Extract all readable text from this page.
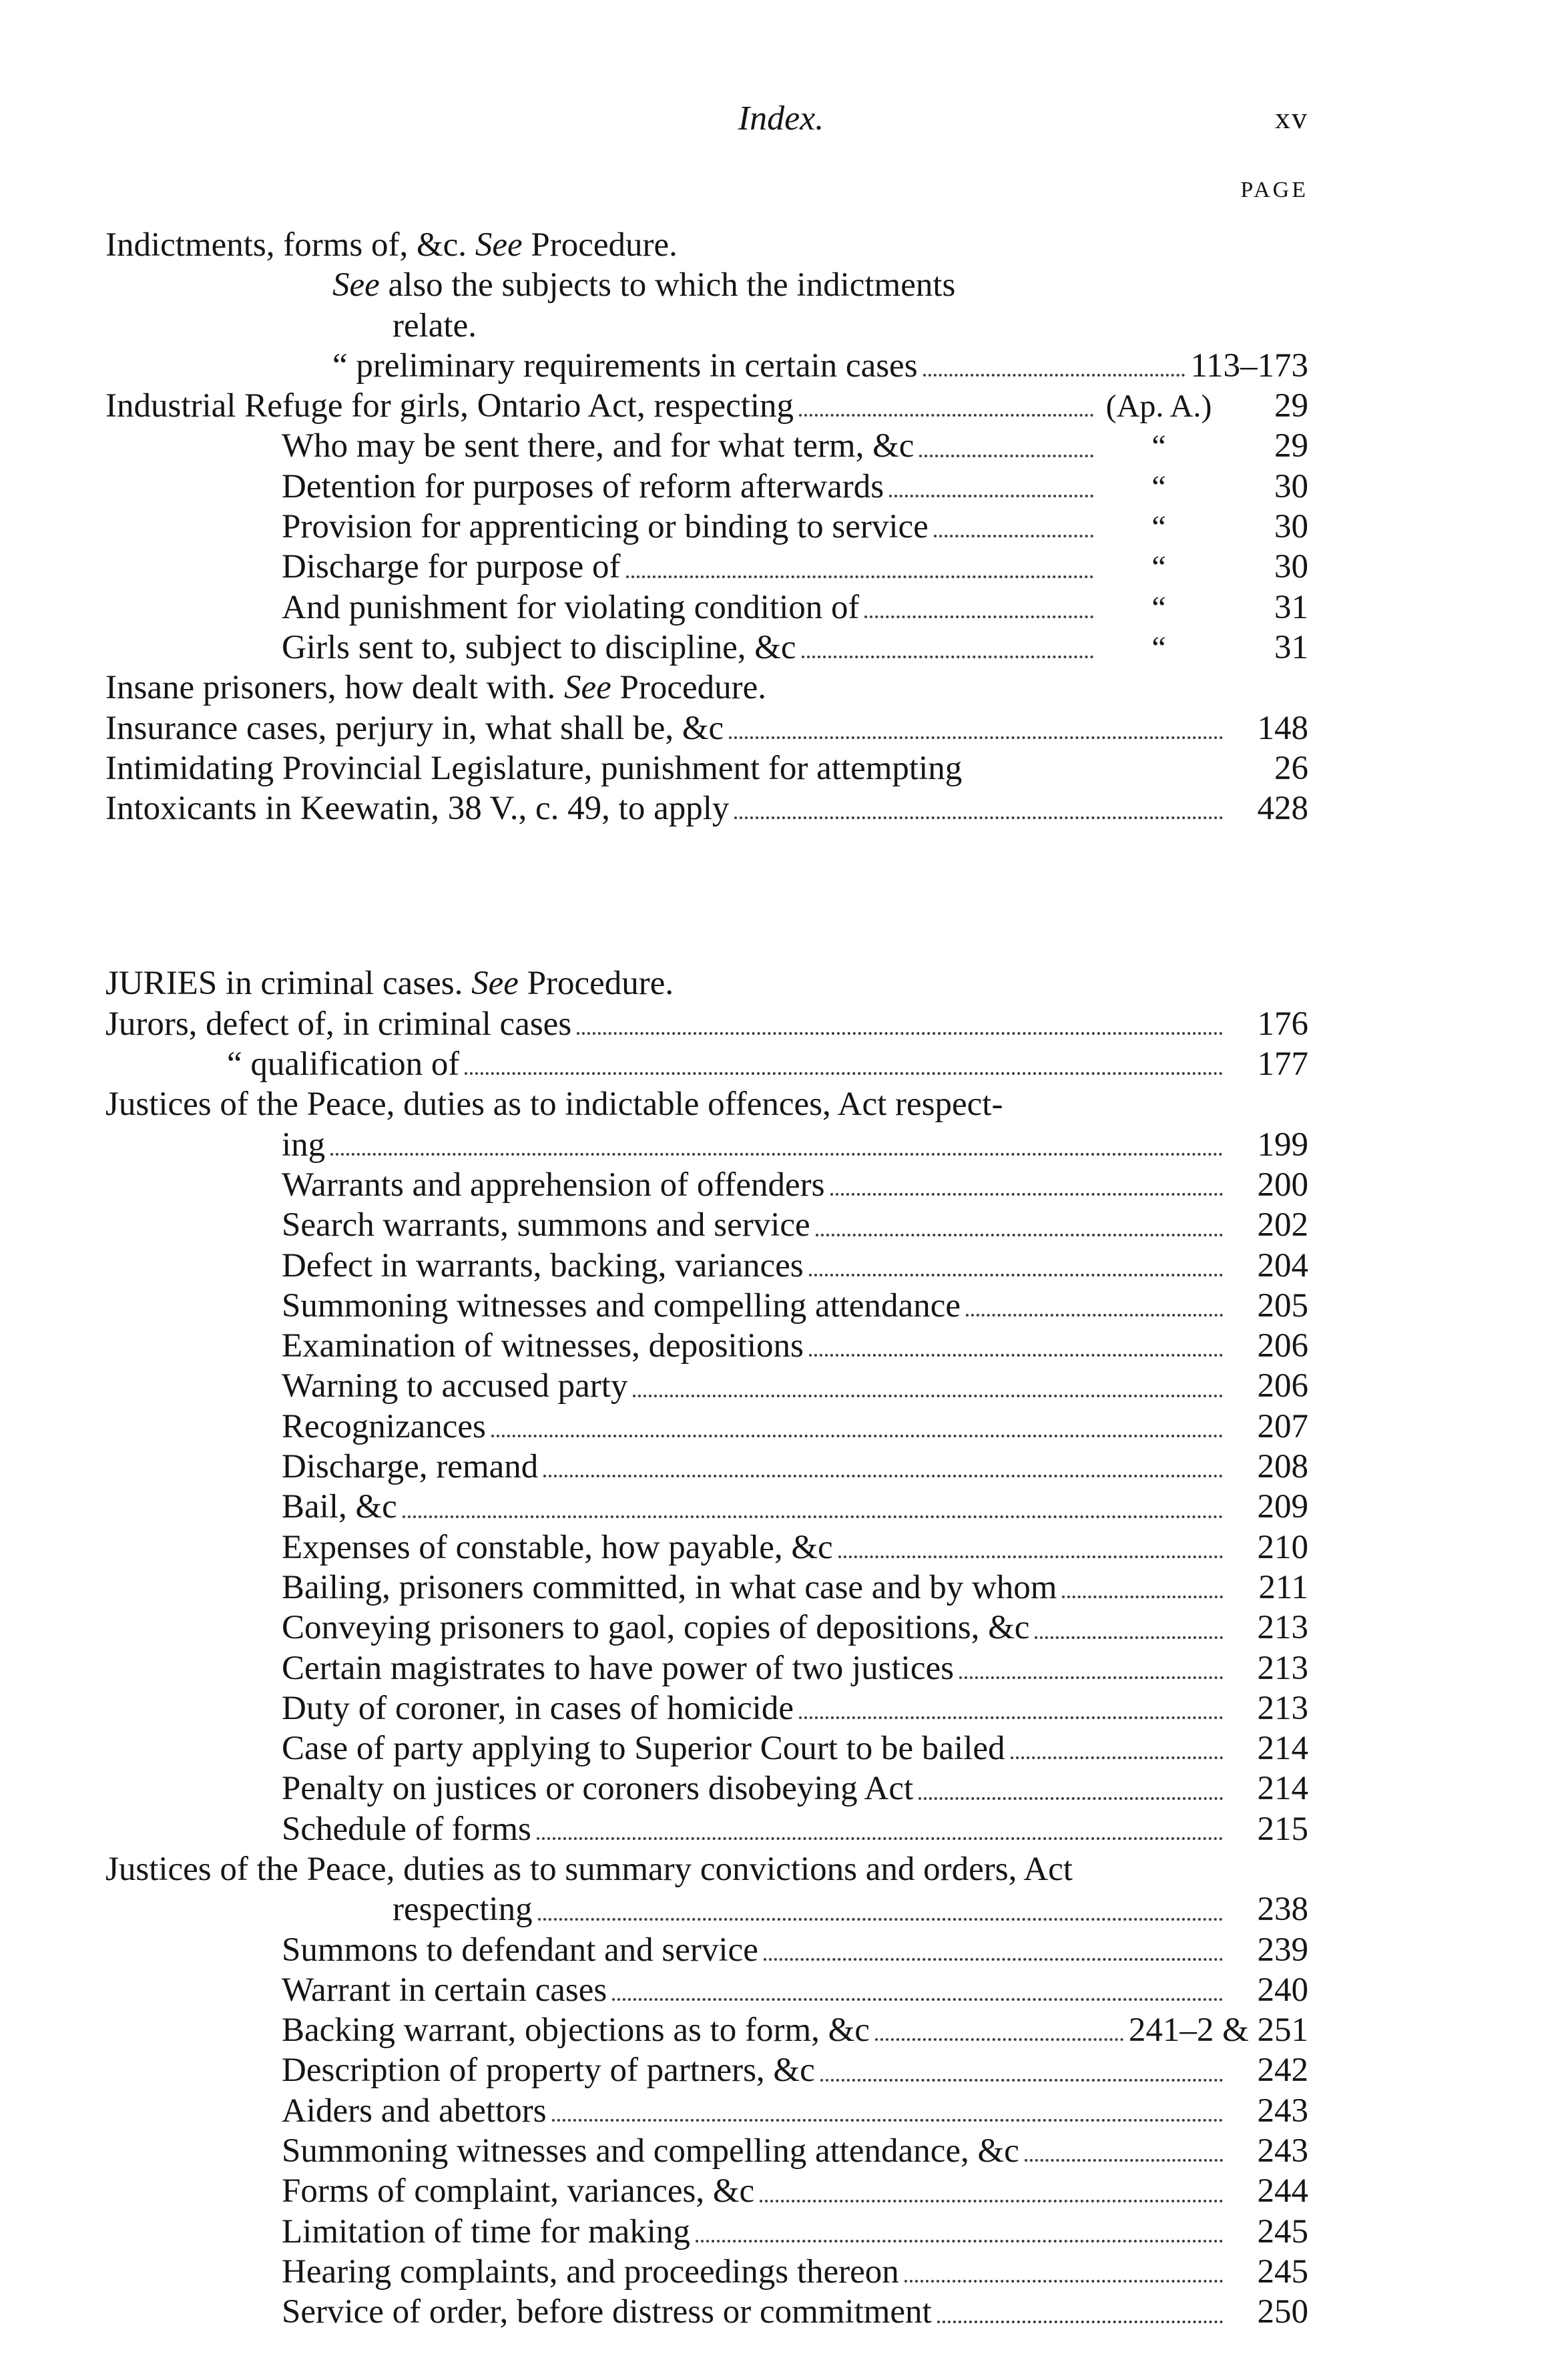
Index.	xv
PAGE
Indictments, forms of, &c. See Procedure.
See also the subjects to which the indictments
relate.
“ preliminary requirements in certain cases	113–173
Industrial Refuge for girls, Ontario Act, respecting	(Ap. A.)	29
Who may be sent there, and for what term, &c	“	29
Detention for purposes of reform afterwards	“	30
Provision for apprenticing or binding to service	“	30
Discharge for purpose of	“	30
And punishment for violating condition of	“	31
Girls sent to, subject to discipline, &c	“	31
Insane prisoners, how dealt with. See Procedure.
Insurance cases, perjury in, what shall be, &c	148
Intimidating Provincial Legislature, punishment for attempting	26
Intoxicants in Keewatin, 38 V., c. 49, to apply	428
JURIES in criminal cases. See Procedure.
Jurors, defect of, in criminal cases	176
“ qualification of	177
Justices of the Peace, duties as to indictable offences, Act respect-
ing	199
Warrants and apprehension of offenders	200
Search warrants, summons and service	202
Defect in warrants, backing, variances	204
Summoning witnesses and compelling attendance	205
Examination of witnesses, depositions	206
Warning to accused party	206
Recognizances	207
Discharge, remand	208
Bail, &c	209
Expenses of constable, how payable, &c	210
Bailing, prisoners committed, in what case and by whom	211
Conveying prisoners to gaol, copies of depositions, &c	213
Certain magistrates to have power of two justices	213
Duty of coroner, in cases of homicide	213
Case of party applying to Superior Court to be bailed	214
Penalty on justices or coroners disobeying Act	214
Schedule of forms	215
Justices of the Peace, duties as to summary convictions and orders, Act
respecting	238
Summons to defendant and service	239
Warrant in certain cases	240
Backing warrant, objections as to form, &c	241–2 & 251
Description of property of partners, &c	242
Aiders and abettors	243
Summoning witnesses and compelling attendance, &c	243
Forms of complaint, variances, &c	244
Limitation of time for making	245
Hearing complaints, and proceedings thereon	245
Service of order, before distress or commitment	250
